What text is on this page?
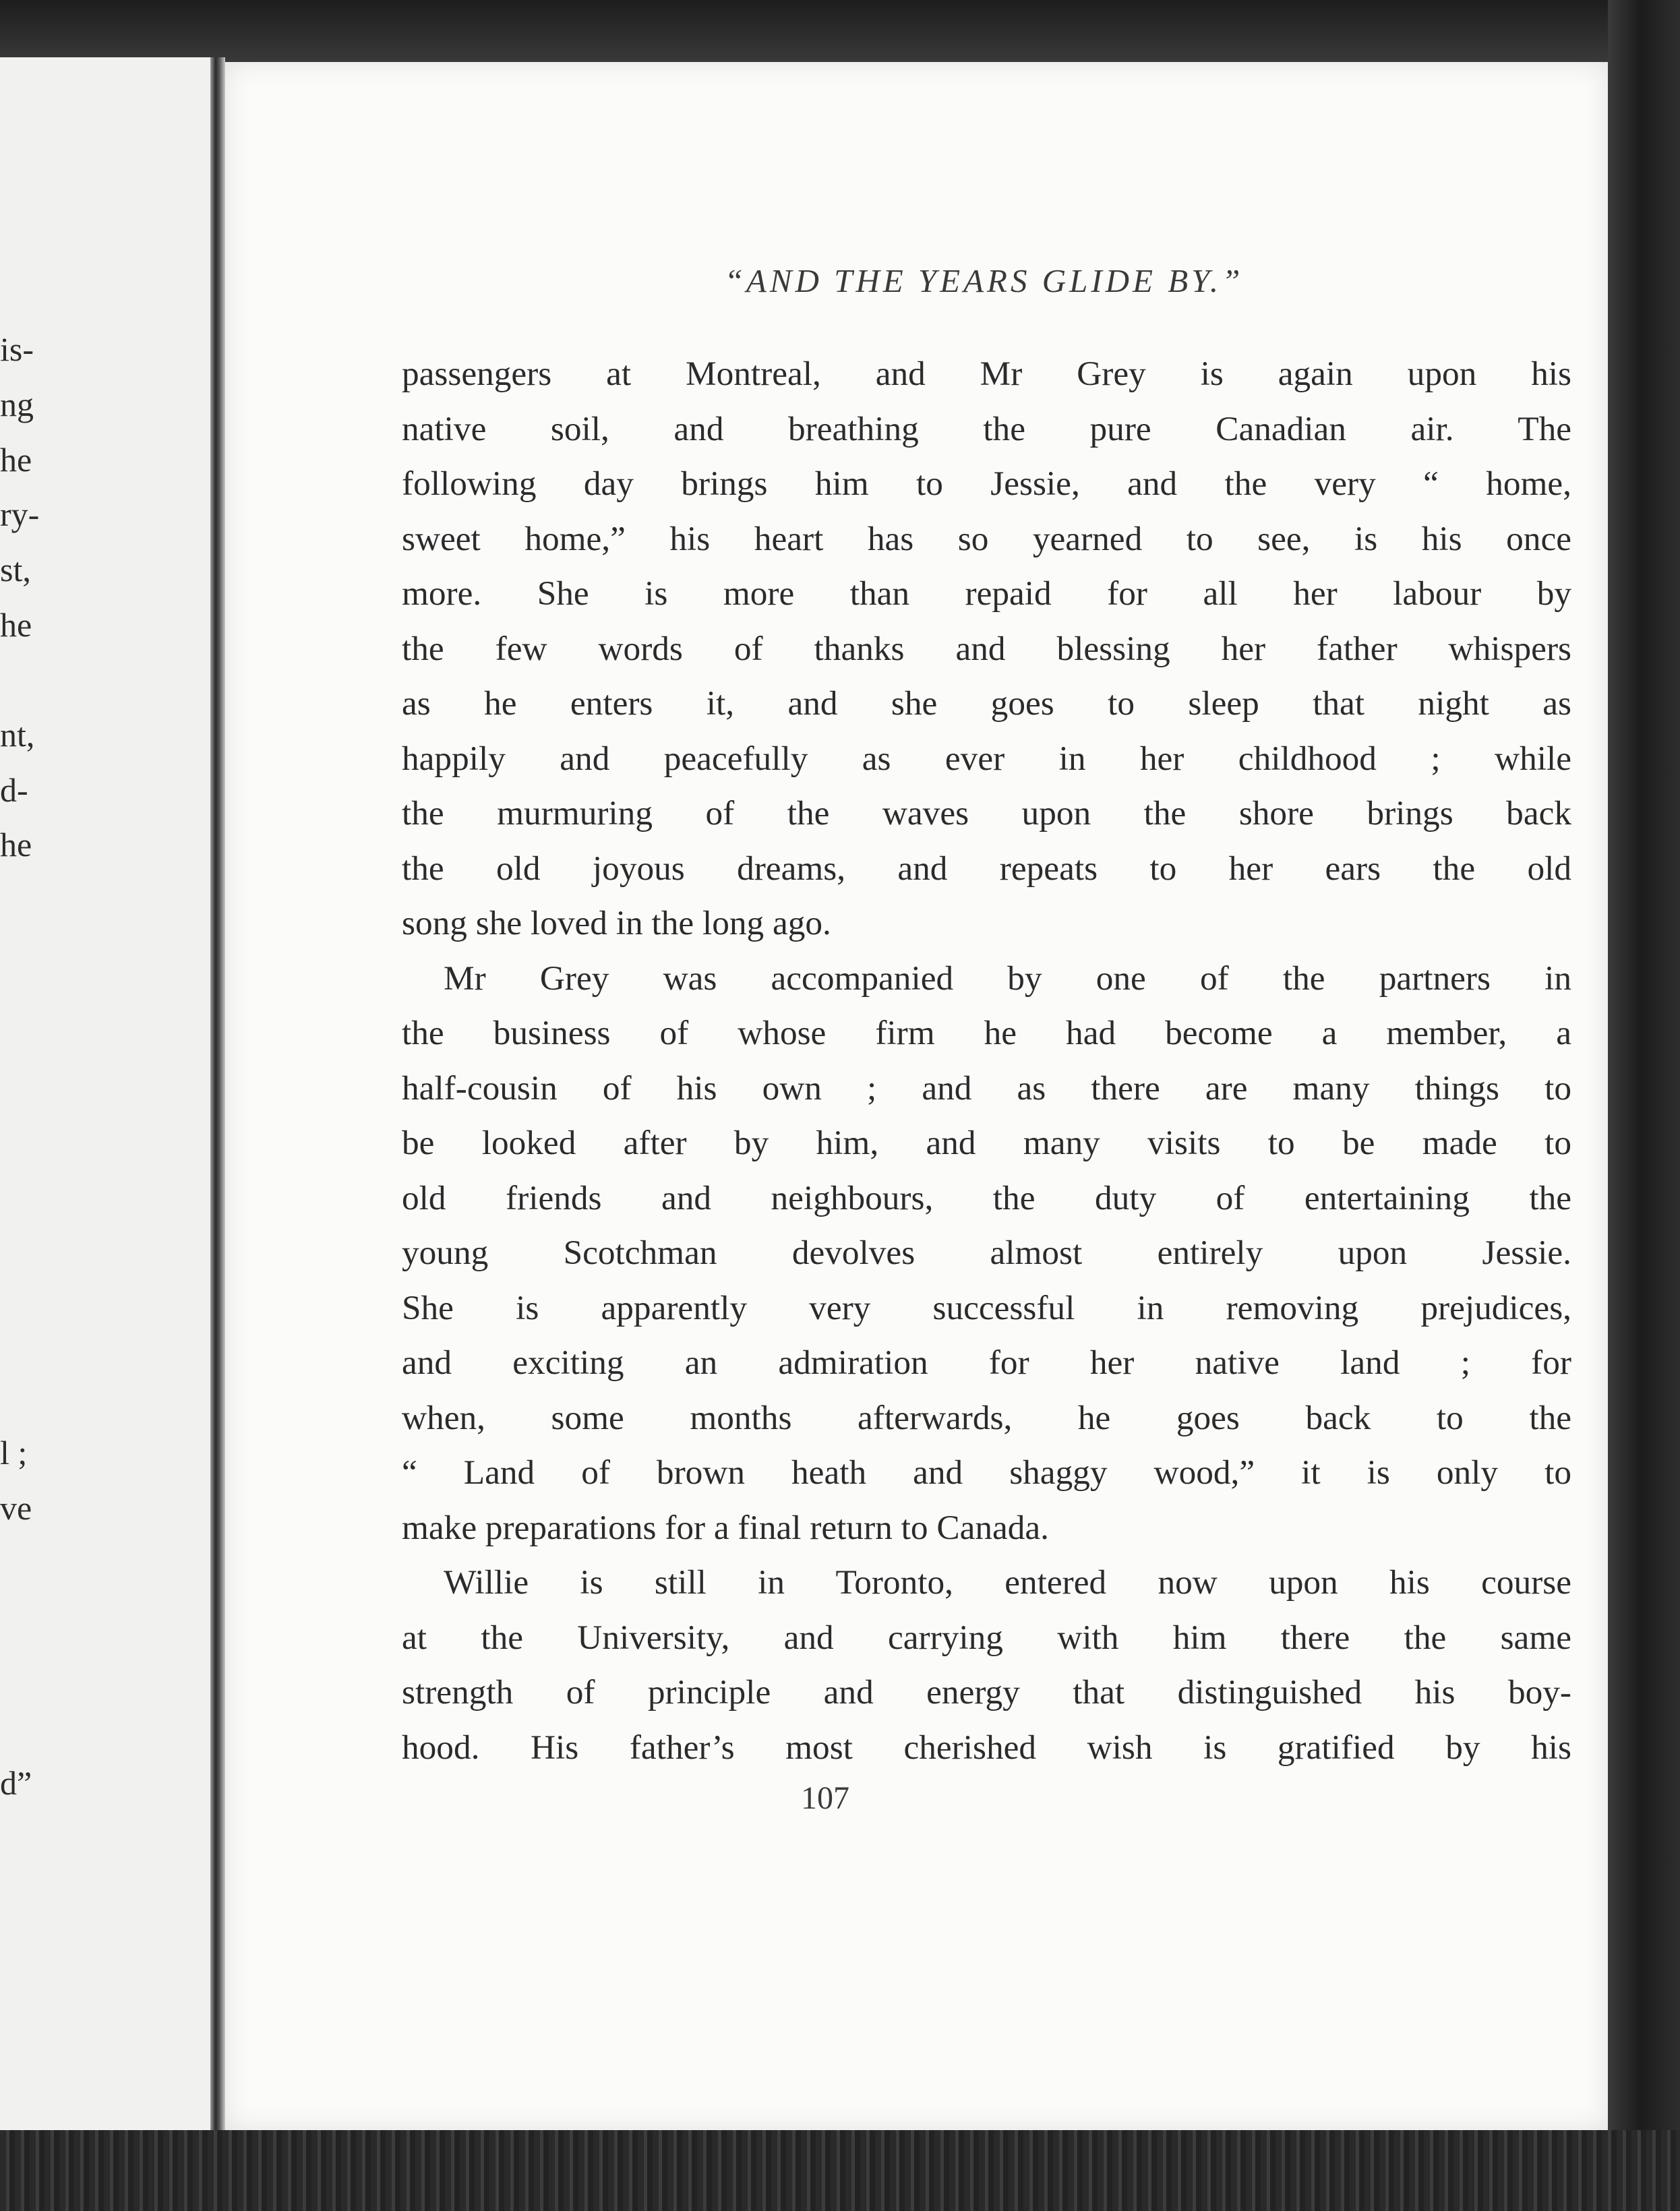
is-

ng

he

ry-

st,

he

nt,

d-

he

l ;

ve

d”

“AND THE YEARS GLIDE BY.”

passengers at Montreal, and Mr Grey is again upon his
native soil, and breathing the pure Canadian air. The
following day brings him to Jessie, and the very “ home,
sweet home,” his heart has so yearned to see, is his once
more. She is more than repaid for all her labour by
the few words of thanks and blessing her father whispers
as he enters it, and she goes to sleep that night as
happily and peacefully as ever in her childhood ; while
the murmuring of the waves upon the shore brings back
the old joyous dreams, and repeats to her ears the old
song she loved in the long ago.
Mr Grey was accompanied by one of the partners in
the business of whose firm he had become a member, a
half-cousin of his own ; and as there are many things to
be looked after by him, and many visits to be made to
old friends and neighbours, the duty of entertaining the
young Scotchman devolves almost entirely upon Jessie.
She is apparently very successful in removing prejudices,
and exciting an admiration for her native land ; for
when, some months afterwards, he goes back to the
“ Land of brown heath and shaggy wood,” it is only to
make preparations for a final return to Canada.
Willie is still in Toronto, entered now upon his course
at the University, and carrying with him there the same
strength of principle and energy that distinguished his boy-
hood. His father’s most cherished wish is gratified by his

107
